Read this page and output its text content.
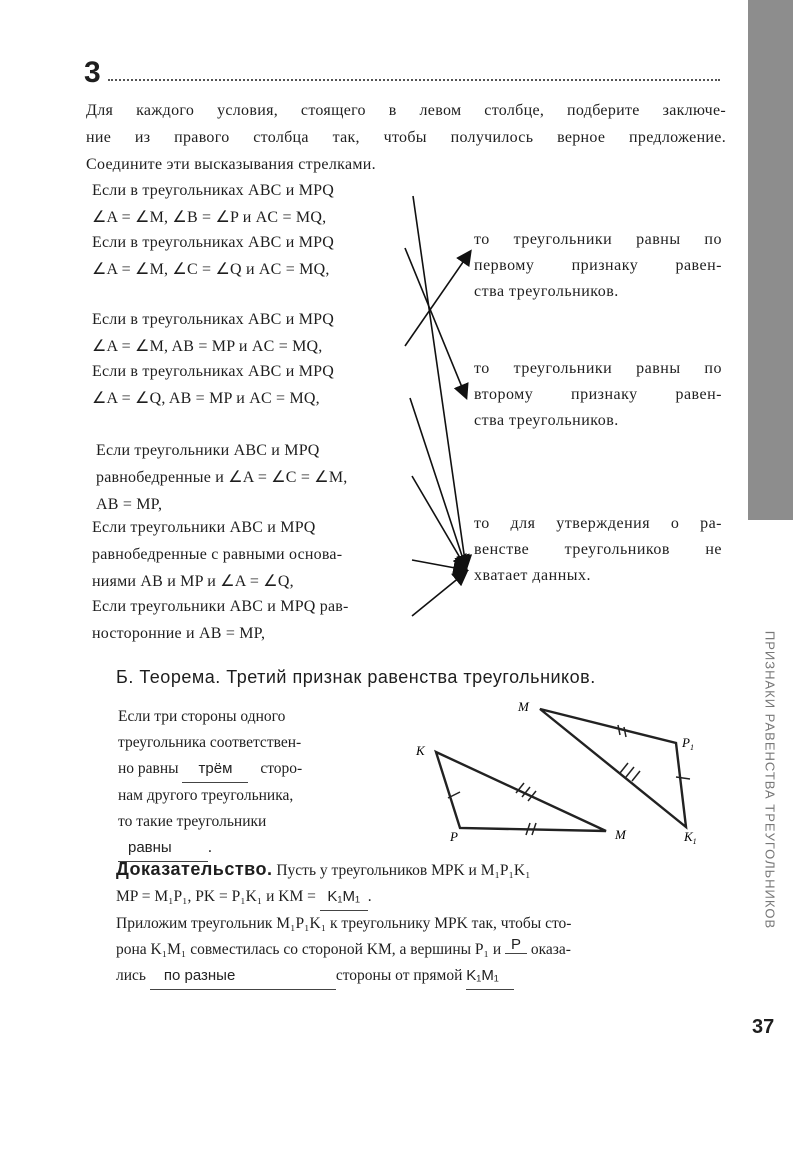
ПРИЗНАКИ РАВЕНСТВА ТРЕУГОЛЬНИКОВ
3

Для каждого условия, стоящего в левом столбце, подберите заключе-

ние из правого столбца так, чтобы получилось верное предложение.

Соедините эти высказывания стрелками.

Если в треугольниках ABC и MPQ

∠A = ∠M, ∠B = ∠P и AC = MQ,

Если в треугольниках ABC и MPQ

∠A = ∠M, ∠C = ∠Q и AC = MQ,

Если в треугольниках ABC и MPQ

∠A = ∠M, AB = MP и AC = MQ,

Если в треугольниках ABC и MPQ

∠A = ∠Q, AB = MP и AC = MQ,

Если треугольники ABC и MPQ

равнобедренные и ∠A = ∠C = ∠M,

AB = MP,

Если треугольники ABC и MPQ

равнобедренные с равными основа-

ниями AB и MP и ∠A = ∠Q,

Если треугольники ABC и MPQ рав-

носторонние и AB = MP,

то треугольники равны по

первому признаку равен-

ства треугольников.

то треугольники равны по

второму признаку равен-

ства треугольников.

то для утверждения о ра-

венстве треугольников не

хватает данных.

Б. Теорема. Третий признак равенства треугольников.

Если три стороны одного

треугольника соответствен-

но равны трём сторо-

нам другого треугольника,

то такие треугольники

равны .

M
$P_1$
K
P	M	$K_1$

Доказательство. Пусть у треугольников MPK и M₁P₁K₁

MP = M₁P₁, PK = P₁K₁ и KM = K₁M₁ .

Приложим треугольник M₁P₁K₁ к треугольнику MPK так, чтобы сто-

рона K₁M₁ совместилась со стороной KM, а вершины P₁ и P оказа-

лись по разные	стороны от прямой K₁M₁

37
